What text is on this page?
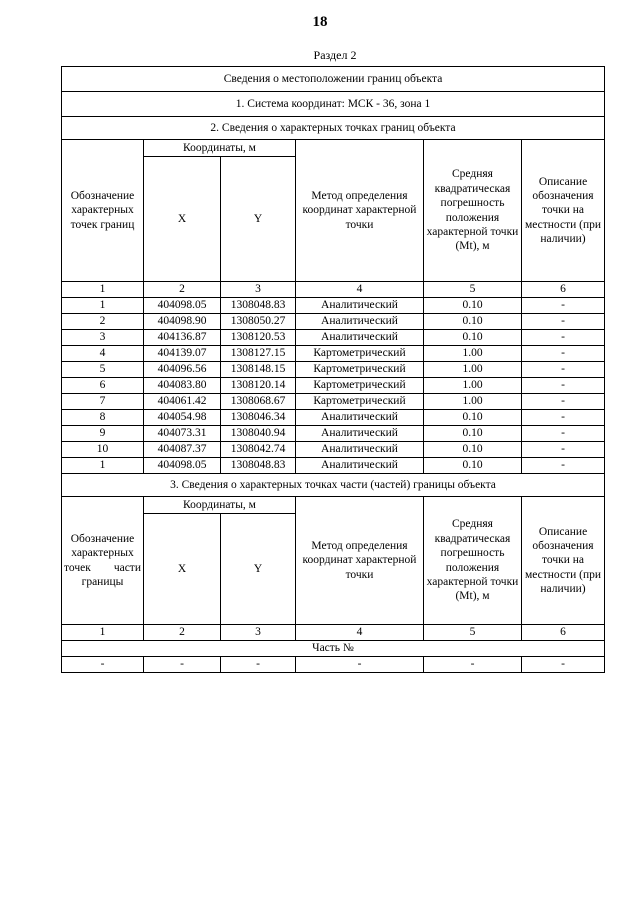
18
Раздел 2
Сведения о местоположении границ объекта					
1. Система координат: МСК - 36, зона 1					
2. Сведения о характерных точках границ объекта					
Обозначение характерных точек границ	Координаты, м		Метод определения координат характерной точки	Средняя квадратическая погрешность положения характерной точки (Mt), м	Описание обозначения точки на местности (при наличии)
	X	Y			
1	2	3	4	5	6
1	404098.05	1308048.83	Аналитический	0.10	-
2	404098.90	1308050.27	Аналитический	0.10	-
3	404136.87	1308120.53	Аналитический	0.10	-
4	404139.07	1308127.15	Картометрический	1.00	-
5	404096.56	1308148.15	Картометрический	1.00	-
6	404083.80	1308120.14	Картометрический	1.00	-
7	404061.42	1308068.67	Картометрический	1.00	-
8	404054.98	1308046.34	Аналитический	0.10	-
9	404073.31	1308040.94	Аналитический	0.10	-
10	404087.37	1308042.74	Аналитический	0.10	-
1	404098.05	1308048.83	Аналитический	0.10	-
3. Сведения о характерных точках части (частей) границы объекта					

Обозначение
характерных
точек части
границы	Координаты, м		Метод определения координат характерной точки	Средняя квадратическая погрешность положения характерной точки (Mt), м	Описание обозначения точки на местности (при наличии)
	X	Y			
1	2	3	4	5	6
Часть №					
-	-	-	-	-	-
